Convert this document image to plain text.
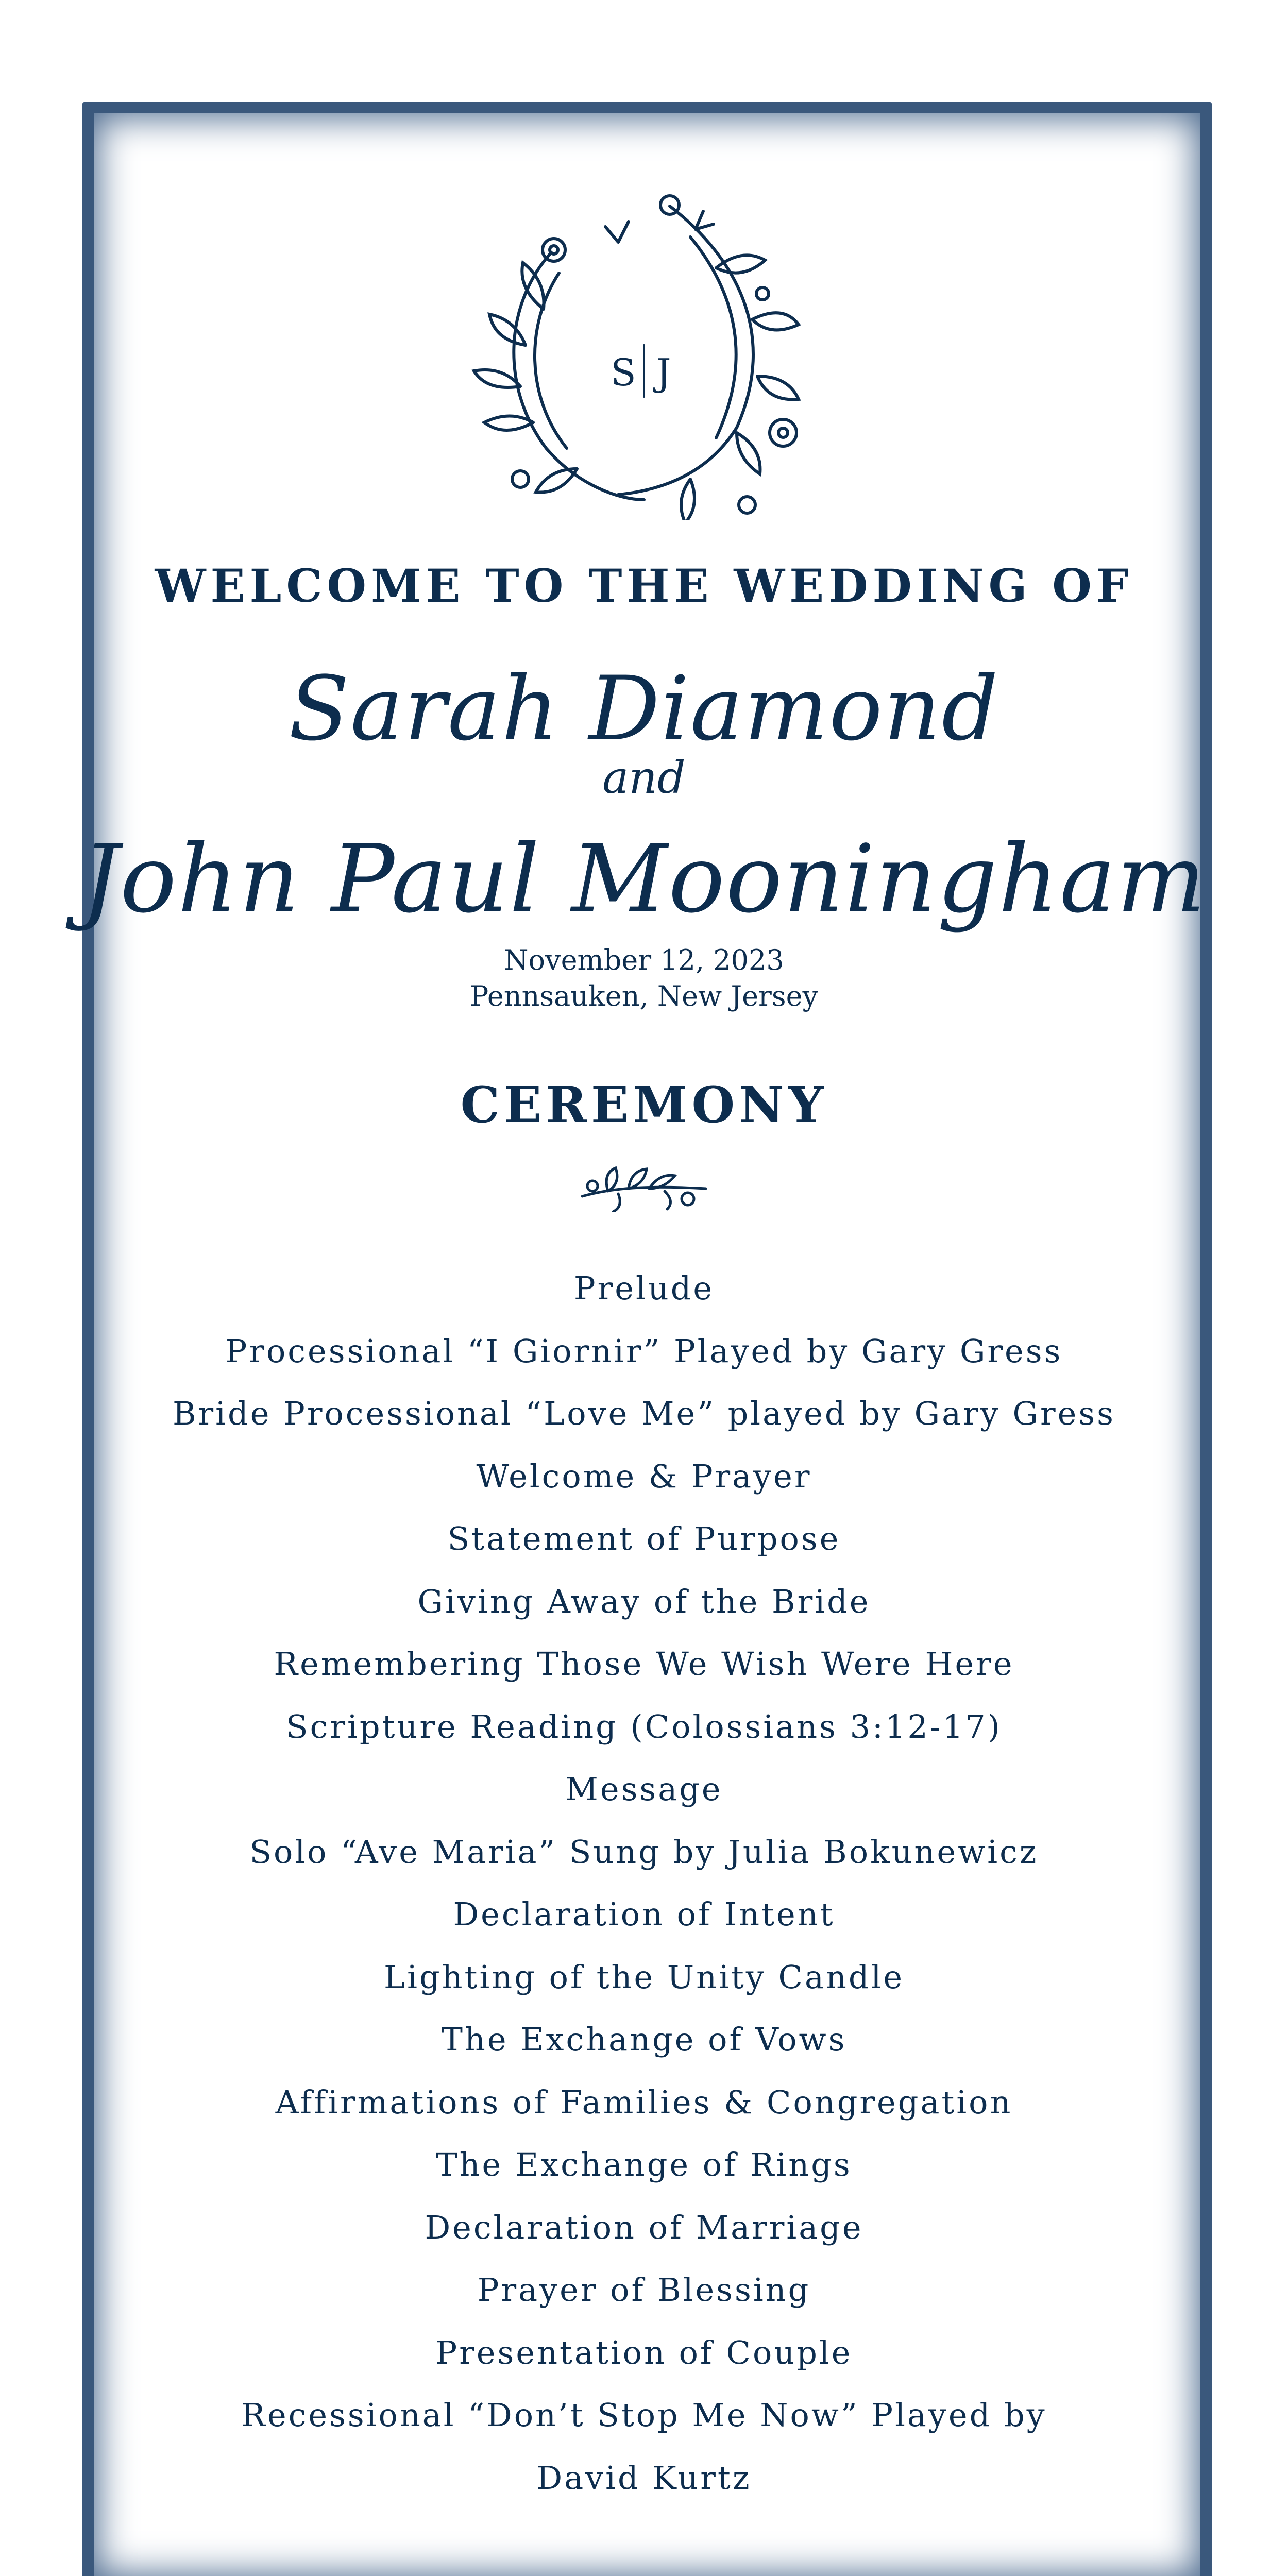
S J
WELCOME TO THE WEDDING OF
Sarah Diamond
and
John Paul Mooningham
November 12, 2023
Pennsauken, New Jersey
CEREMONY
Prelude
Processional “I Giornir” Played by Gary Gress
Bride Processional “Love Me” played by Gary Gress
Welcome & Prayer
Statement of Purpose
Giving Away of the Bride
Remembering Those We Wish Were Here
Scripture Reading (Colossians 3:12-17)
Message
Solo “Ave Maria” Sung by Julia Bokunewicz
Declaration of Intent
Lighting of the Unity Candle
The Exchange of Vows
Affirmations of Families & Congregation
The Exchange of Rings
Declaration of Marriage
Prayer of Blessing
Presentation of Couple
Recessional “Don’t Stop Me Now” Played by
David Kurtz
